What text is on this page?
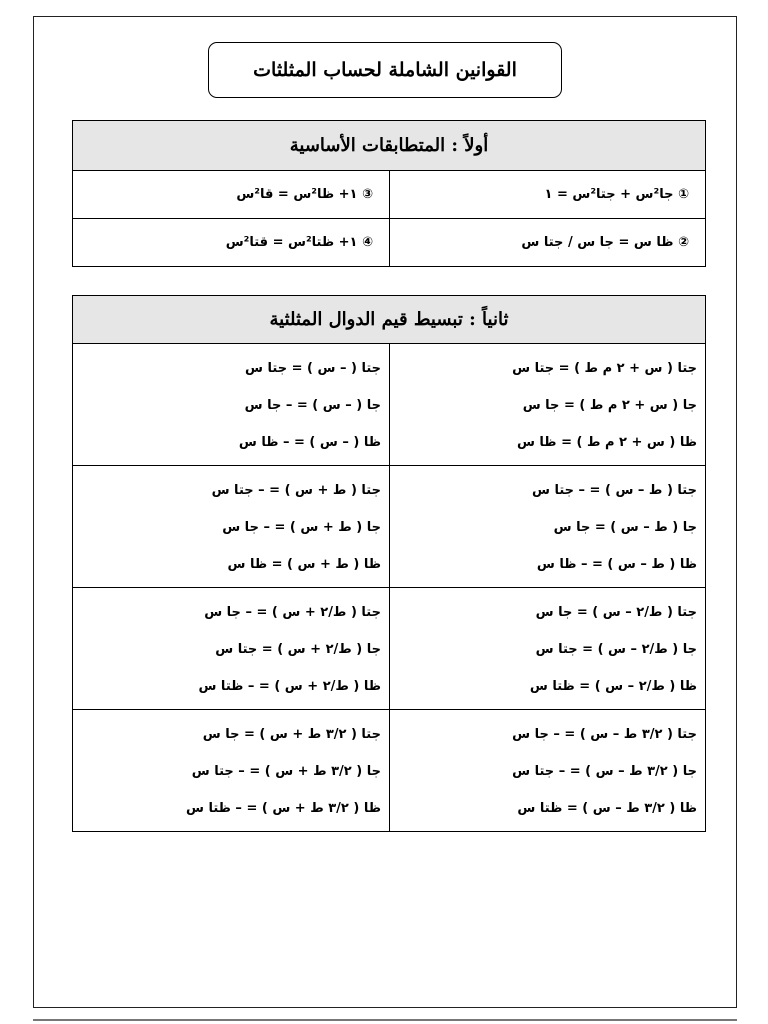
القوانين الشاملة لحساب المثلثات
أولاً : المتطابقات الأساسية
① جا²س + جتا²س = ١
③ ١+ ظا²س = قا²س
② ظا س = جا س / جتا س
④ ١+ ظتا²س = قتا²س
ثانياً : تبسيط قيم الدوال المثلثية
جتا ( س + ٢ م ط ) = جتا س
جا ( س + ٢ م ط ) = جا س
ظا ( س + ٢ م ط ) = ظا س
جتا ( – س ) = جتا س
جا ( – س ) = – جا س
ظا ( – س ) = – ظا س
جتا ( ط – س ) = – جتا س
جا ( ط – س ) = جا س
ظا ( ط – س ) = – ظا س
جتا ( ط + س ) = – جتا س
جا ( ط + س ) = – جا س
ظا ( ط + س ) = ظا س
جتا ( ط/٢ – س ) = جا س
جا ( ط/٢ – س ) = جتا س
ظا ( ط/٢ – س ) = ظتا س
جتا ( ط/٢ + س ) = – جا س
جا ( ط/٢ + س ) = جتا س
ظا ( ط/٢ + س ) = – ظتا س
جتا ( ٣/٢ ط – س ) = – جا س
جا ( ٣/٢ ط – س ) = – جتا س
ظا ( ٣/٢ ط – س ) = ظتا س
جتا ( ٣/٢ ط + س ) = جا س
جا ( ٣/٢ ط + س ) = – جتا س
ظا ( ٣/٢ ط + س ) = – ظتا س
